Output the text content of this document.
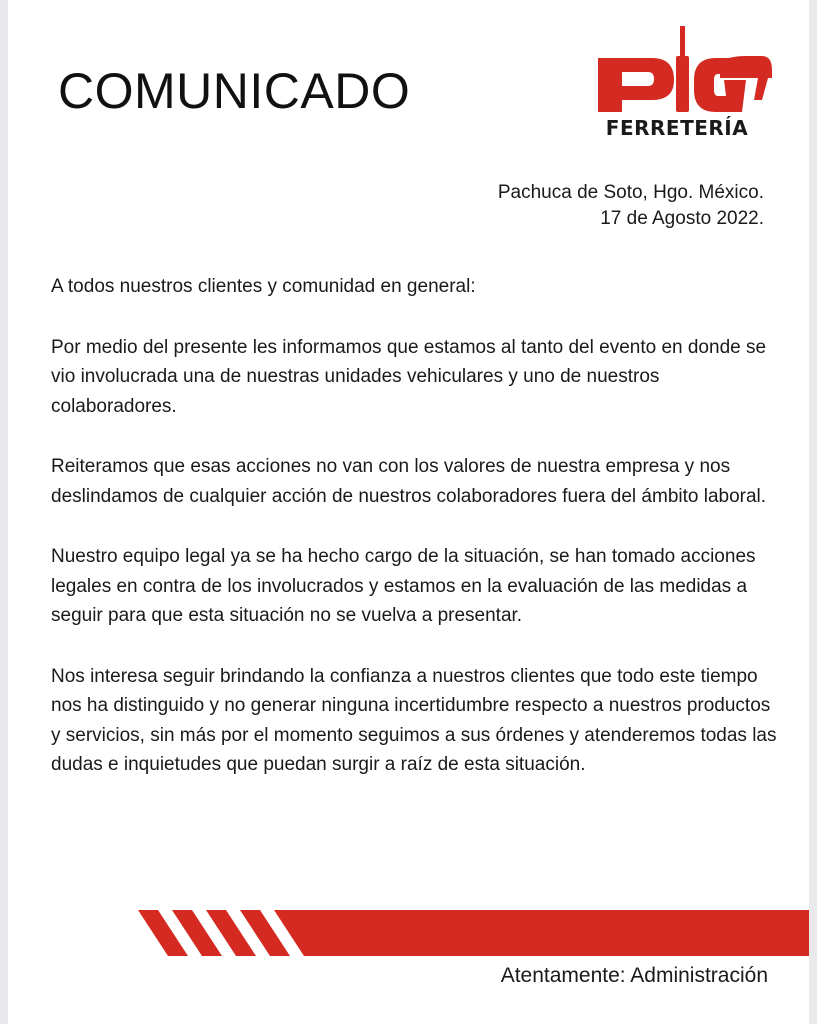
COMUNICADO
FERRETERÍA
Pachuca de Soto, Hgo. México.
17 de Agosto 2022.

A todos nuestros clientes y comunidad en general:

Por medio del presente les informamos que estamos al tanto del evento en donde se vio involucrada una de nuestras unidades vehiculares y uno de nuestros colaboradores.

Reiteramos que esas acciones no van con los valores de nuestra empresa y nos deslindamos de cualquier acción de nuestros colaboradores fuera del ámbito laboral.

Nuestro equipo legal ya se ha hecho cargo de la situación, se han tomado acciones legales en contra de los involucrados y estamos en la evaluación de las medidas a seguir para que esta situación no se vuelva a presentar.

Nos interesa seguir brindando la confianza a nuestros clientes que todo este tiempo nos ha distinguido y no generar ninguna incertidumbre respecto a nuestros productos y servicios, sin más por el momento seguimos a sus órdenes y atenderemos todas las dudas e inquietudes que puedan surgir a raíz de esta situación.

Atentamente: Administración
